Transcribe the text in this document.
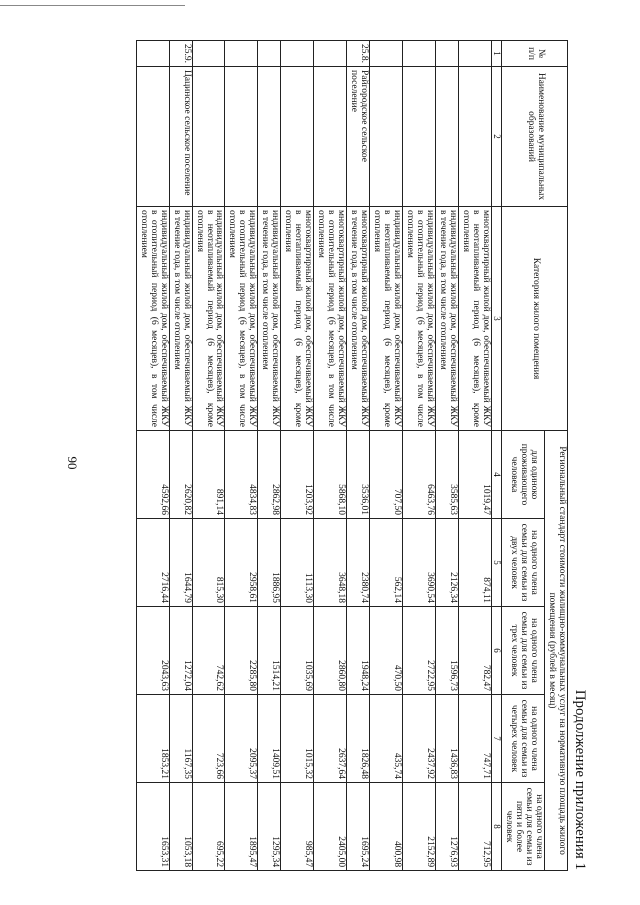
90
Продолжение приложения 1
№ п/п	Наименование муниципальных образований	Категория жилого помещения	Региональный стандарт стоимости жилищно-коммунальных услуг на нормативную площадь жилого помещения (рублей в месяц)				
			для одиноко проживающего человека	на одного члена семьи для семьи из двух человек	на одного члена семьи для семьи из трех человек	на одного члена семьи для семьи из четырех человек	на одного члена семьи для семьи из пяти и более человек
1	2	3	4	5	6	7	8
		многоквартирный жилой дом, обеспечиваемый ЖКУ в неотапливаемый период (6 месяцев), кроме отопления	1019,47	874,11	782,47	747,71	712,95
		индивидуальный жилой дом, обеспечиваемый ЖКУ в течение года, в том числе отоплением	3585,63	2126,34	1596,73	1436,83	1276,93
		индивидуальный жилой дом, обеспечиваемый ЖКУ в отопительный период (6 месяцев), в том числе отоплением	6463,76	3690,54	2722,95	2437,92	2152,89
		индивидуальный жилой дом, обеспечиваемый ЖКУ в неотапливаемый период (6 месяцев), кроме отопления	707,50	562,14	470,50	435,74	400,98
25.8.	Райгородское сельское поселение	многоквартирный жилой дом, обеспечиваемый ЖКУ в течение года, в том числе отоплением	3536,01	2380,74	1948,24	1826,48	1695,24
		многоквартирный жилой дом, обеспечиваемый ЖКУ в отопительный период (6 месяцев), в том числе отоплением	5868,10	3648,18	2860,80	2637,64	2405,00
		многоквартирный жилой дом, обеспечиваемый ЖКУ в неотапливаемый период (6 месяцев), кроме отопления	1203,92	1113,30	1035,69	1015,32	985,47
		индивидуальный жилой дом, обеспечиваемый ЖКУ в течение года, в том числе отоплением	2862,98	1886,95	1514,21	1409,51	1295,34
		индивидуальный жилой дом, обеспечиваемый ЖКУ в отопительный период (6 месяцев), в том числе отоплением	4834,83	2958,61	2285,80	2095,37	1895,47
		индивидуальный жилой дом, обеспечиваемый ЖКУ в неотапливаемый период (6 месяцев), кроме отопления	891,14	815,30	742,62	723,66	695,22
25.9.	Цацинское сельское поселение	индивидуальный жилой дом, обеспечиваемый ЖКУ в течение года, в том числе отоплением	2620,82	1644,79	1272,04	1167,35	1053,18
		индивидуальный жилой дом, обеспечиваемый ЖКУ в отопительный период (6 месяцев), в том числе отоплением	4592,66	2716,44	2043,63	1853,21	1653,31
